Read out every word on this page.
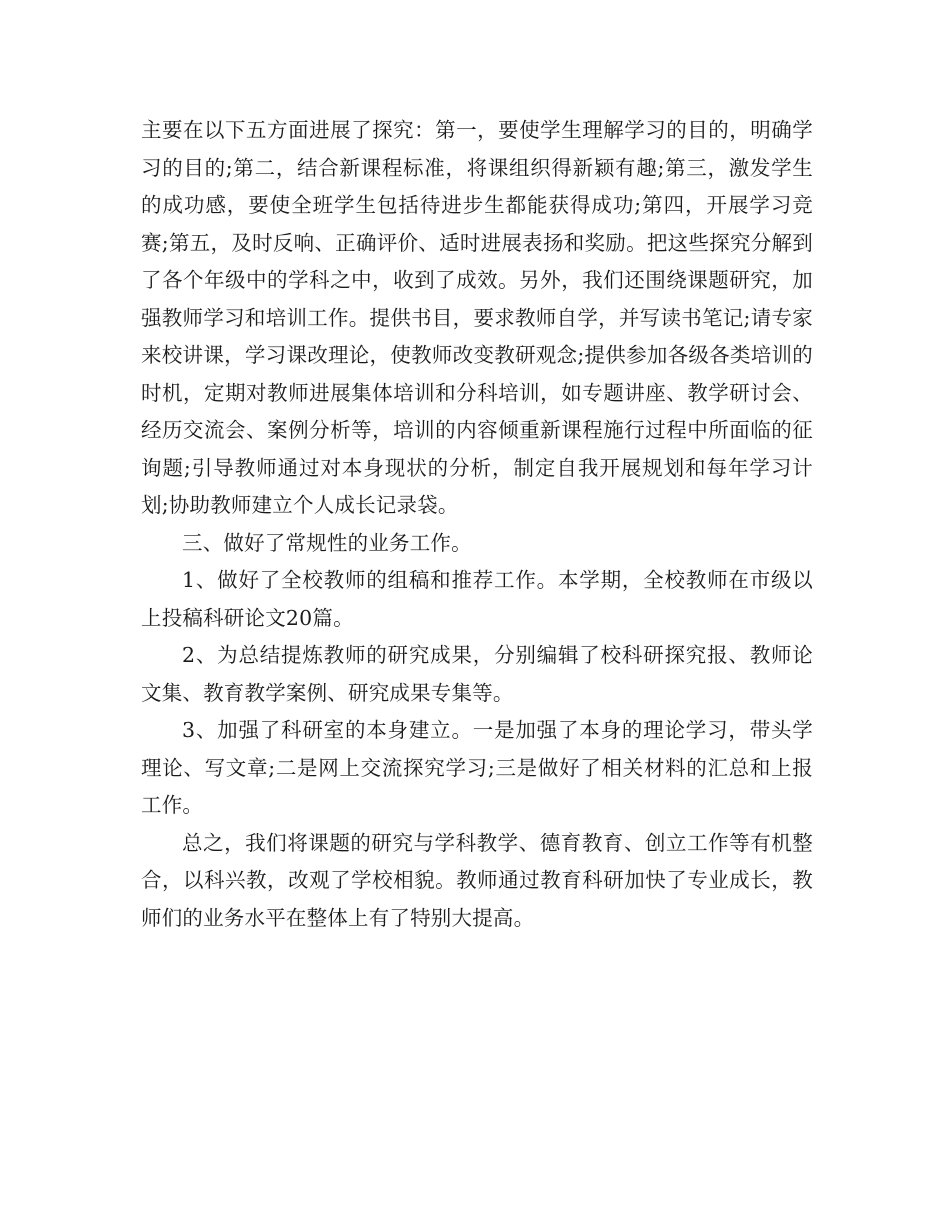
主要在以下五方面进展了探究：第一，要使学生理解学习的目的，明确学习的目的;第二，结合新课程标准，将课组织得新颖有趣;第三，激发学生的成功感，要使全班学生包括待进步生都能获得成功;第四，开展学习竞赛;第五，及时反响、正确评价、适时进展表扬和奖励。把这些探究分解到了各个年级中的学科之中，收到了成效。另外，我们还围绕课题研究，加强教师学习和培训工作。提供书目，要求教师自学，并写读书笔记;请专家来校讲课，学习课改理论，使教师改变教研观念;提供参加各级各类培训的时机，定期对教师进展集体培训和分科培训，如专题讲座、教学研讨会、经历交流会、案例分析等，培训的内容倾重新课程施行过程中所面临的征询题;引导教师通过对本身现状的分析，制定自我开展规划和每年学习计划;协助教师建立个人成长记录袋。

三、做好了常规性的业务工作。

1、做好了全校教师的组稿和推荐工作。本学期，全校教师在市级以上投稿科研论文20篇。

2、为总结提炼教师的研究成果，分别编辑了校科研探究报、教师论文集、教育教学案例、研究成果专集等。

3、加强了科研室的本身建立。一是加强了本身的理论学习，带头学理论、写文章;二是网上交流探究学习;三是做好了相关材料的汇总和上报工作。

总之，我们将课题的研究与学科教学、德育教育、创立工作等有机整合，以科兴教，改观了学校相貌。教师通过教育科研加快了专业成长，教师们的业务水平在整体上有了特别大提高。
